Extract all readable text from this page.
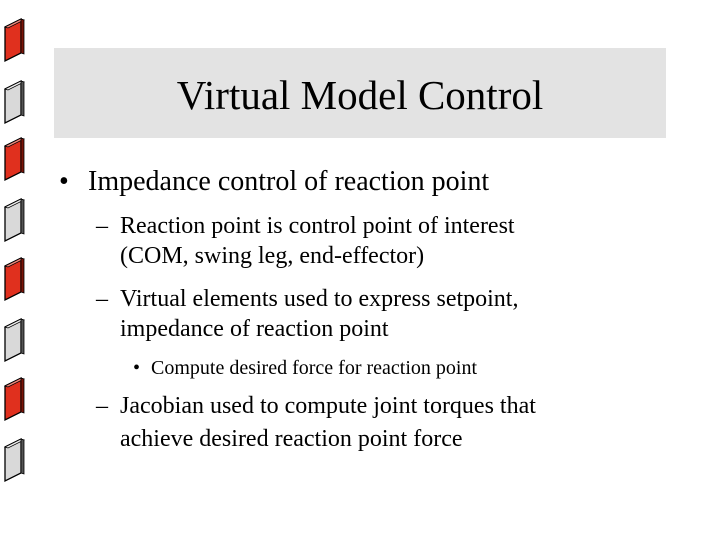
Virtual Model Control
• Impedance control of reaction point
– Reaction point is control point of interest
(COM, swing leg, end-effector)
– Virtual elements used to express setpoint,
impedance of reaction point
• Compute desired force for reaction point
– Jacobian used to compute joint torques that
achieve desired reaction point force
